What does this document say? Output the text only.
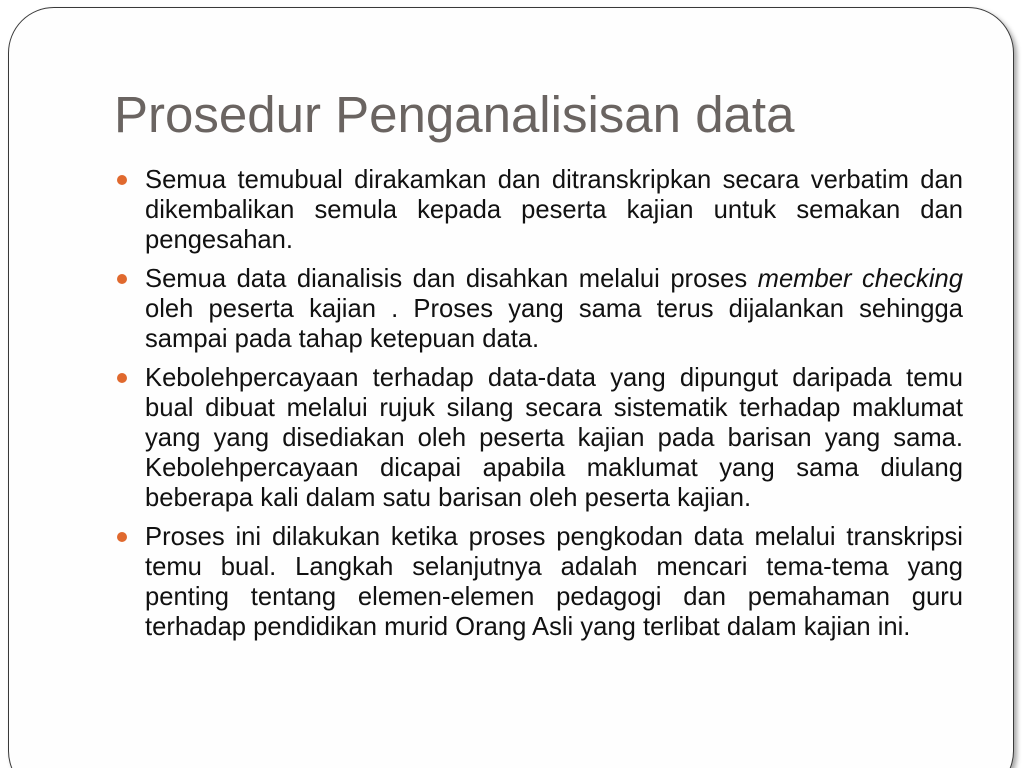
Prosedur Penganalisisan data
Semua temubual dirakamkan dan ditranskripkan secara verbatim dan dikembalikan semula kepada peserta kajian untuk semakan dan pengesahan.
Semua data dianalisis dan disahkan melalui proses member checking oleh peserta kajian . Proses yang sama terus dijalankan sehingga sampai pada tahap ketepuan data.
Kebolehpercayaan terhadap data-data yang dipungut daripada temu bual dibuat melalui rujuk silang secara sistematik terhadap maklumat yang yang disediakan oleh peserta kajian pada barisan yang sama. Kebolehpercayaan dicapai apabila maklumat yang sama diulang beberapa kali dalam satu barisan oleh peserta kajian.
Proses ini dilakukan ketika proses pengkodan data melalui transkripsi temu bual. Langkah selanjutnya adalah mencari tema-tema yang penting tentang elemen-elemen pedagogi dan pemahaman guru terhadap pendidikan murid Orang Asli yang terlibat dalam kajian ini.
